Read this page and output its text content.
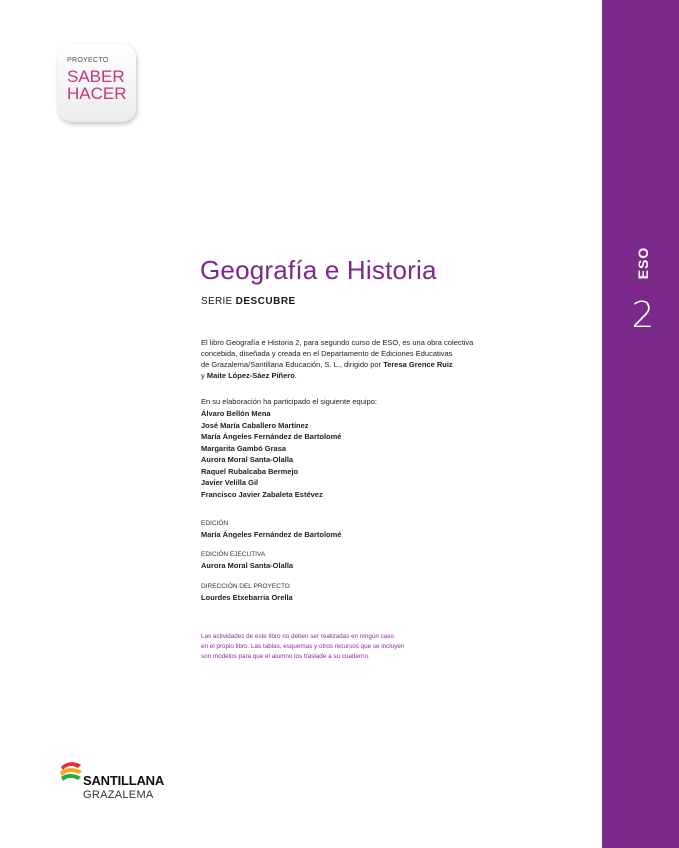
ESO
2
PROYECTO
SABER
HACER
Geografía e Historia
SERIE DESCUBRE
El libro Geografía e Historia 2, para segundo curso de ESO, es una obra colectiva
concebida, diseñada y creada en el Departamento de Ediciones Educativas
de Grazalema/Santillana Educación, S. L., dirigido por Teresa Grence Ruiz
y Maite López-Sáez Piñero.
En su elaboración ha participado el siguiente equipo:
Álvaro Bellón Mena
José María Caballero Martínez
María Ángeles Fernández de Bartolomé
Margarita Gambó Grasa
Aurora Moral Santa-Olalla
Raquel Rubalcaba Bermejo
Javier Velilla Gil
Francisco Javier Zabaleta Estévez
EDICIÓN
María Ángeles Fernández de Bartolomé
EDICIÓN EJECUTIVA
Aurora Moral Santa-Olalla
DIRECCIÓN DEL PROYECTO
Lourdes Etxebarria Orella
Las actividades de este libro no deben ser realizadas en ningún caso
en el propio libro. Las tablas, esquemas y otros recursos que se incluyen
son modelos para que el alumno los traslade a su cuaderno.
SANTILLANA
GRAZALEMA
